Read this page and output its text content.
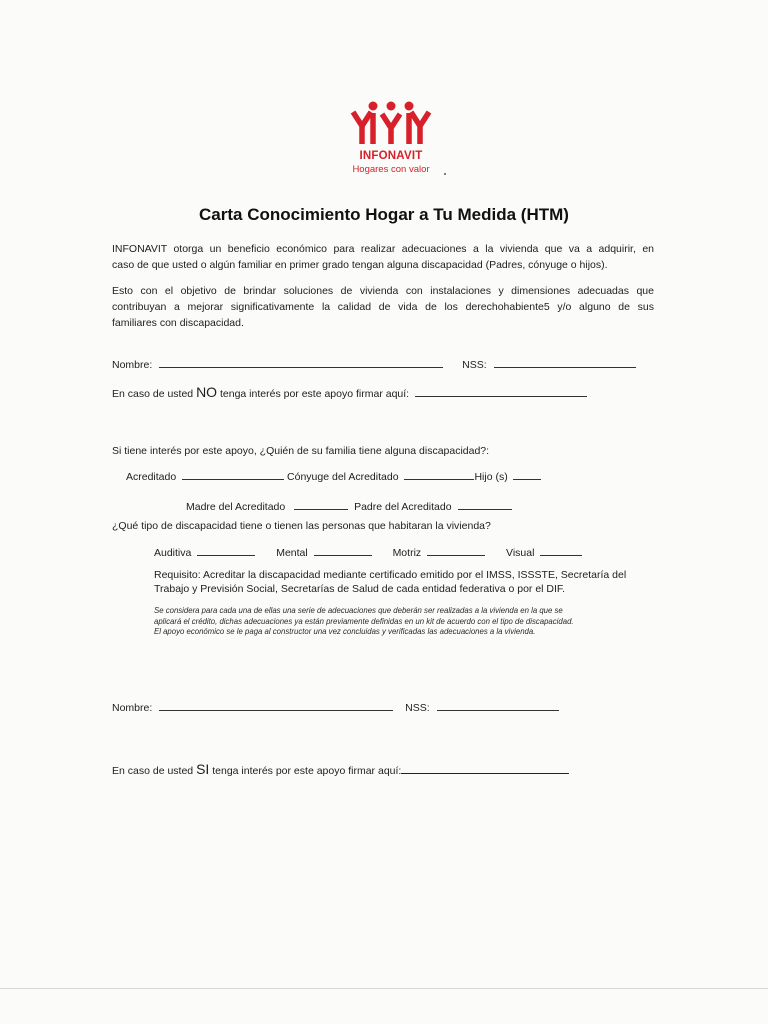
INFONAVIT
Hogares con valor
Carta Conocimiento Hogar a Tu Medida (HTM)
INFONAVIT otorga un beneficio económico para realizar adecuaciones a la vivienda que va a adquirir, en
caso de que usted o algún familiar en primer grado tengan alguna discapacidad (Padres, cónyuge o hijos).
Esto con el objetivo de brindar soluciones de vivienda con instalaciones y dimensiones adecuadas que
contribuyan a mejorar significativamente la calidad de vida de los derechohabiente5 y/o alguno de sus
familiares con discapacidad.
Nombre:	NSS:
En caso de usted NO tenga interés por este apoyo firmar aquí:
Si tiene interés por este apoyo, ¿Quién de su familia tiene alguna discapacidad?:
Acreditado	Cónyuge del Acreditado	Hijo (s)
Madre del Acreditado	Padre del Acreditado
¿Qué tipo de discapacidad tiene o tienen las personas que habitaran la vivienda?
Auditiva	Mental	Motriz	Visual
Requisito: Acreditar la discapacidad mediante certificado emitido por el IMSS, ISSSTE, Secretaría del
Trabajo y Previsión Social, Secretarías de Salud de cada entidad federativa o por el DIF.
Se considera para cada una de ellas una serie de adecuaciones que deberán ser realizadas a la vivienda en la que se
aplicará el crédito, dichas adecuaciones ya están previamente definidas en un kit de acuerdo con el tipo de discapacidad.
El apoyo económico se le paga al constructor una vez concluidas y verificadas las adecuaciones a la vivienda.
Nombre:	NSS:
En caso de usted SI tenga interés por este apoyo firmar aquí:
